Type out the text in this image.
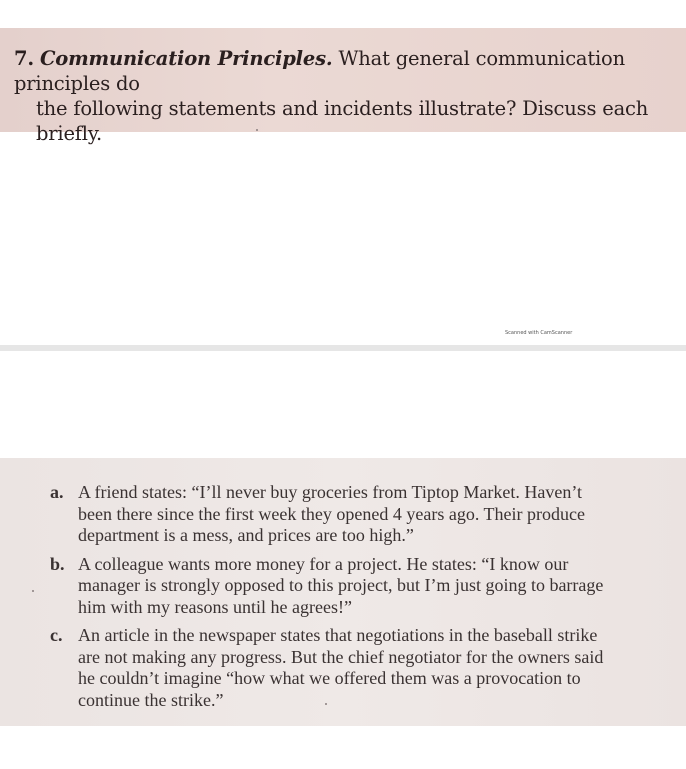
7. Communication Principles. What general communication principles do
the following statements and incidents illustrate? Discuss each briefly.
Scanned with CamScanner
a. A friend states: “I’ll never buy groceries from Tiptop Market. Haven’t
been there since the first week they opened 4 years ago. Their produce
department is a mess, and prices are too high.”
b. A colleague wants more money for a project. He states: “I know our
manager is strongly opposed to this project, but I’m just going to barrage
him with my reasons until he agrees!”
c. An article in the newspaper states that negotiations in the baseball strike
are not making any progress. But the chief negotiator for the owners said
he couldn’t imagine “how what we offered them was a provocation to
continue the strike.”
